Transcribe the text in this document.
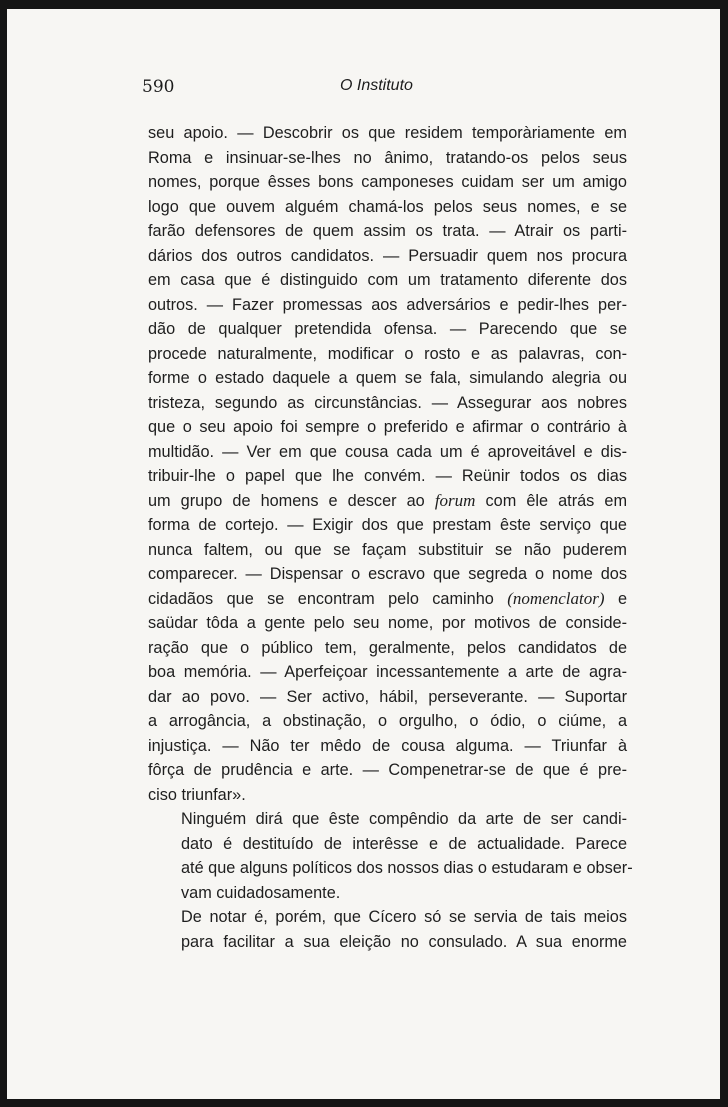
590	O Instituto

seu apoio. — Descobrir os que residem temporàriamente em
Roma e insinuar-se-lhes no ânimo, tratando-os pelos seus
nomes, porque êsses bons camponeses cuidam ser um amigo
logo que ouvem alguém chamá-los pelos seus nomes, e se
farão defensores de quem assim os trata. — Atrair os parti-
dários dos outros candidatos. — Persuadir quem nos procura
em casa que é distinguido com um tratamento diferente dos
outros. — Fazer promessas aos adversários e pedir-lhes per-
dão de qualquer pretendida ofensa. — Parecendo que se
procede naturalmente, modificar o rosto e as palavras, con-
forme o estado daquele a quem se fala, simulando alegria ou
tristeza, segundo as circunstâncias. — Assegurar aos nobres
que o seu apoio foi sempre o preferido e afirmar o contrário à
multidão. — Ver em que cousa cada um é aproveitável e dis-
tribuir-lhe o papel que lhe convém. — Reünir todos os dias
um grupo de homens e descer ao forum com êle atrás em
forma de cortejo. — Exigir dos que prestam êste serviço que
nunca faltem, ou que se façam substituir se não puderem
comparecer. — Dispensar o escravo que segreda o nome dos
cidadãos que se encontram pelo caminho (nomenclator) e
saüdar tôda a gente pelo seu nome, por motivos de conside-
ração que o público tem, geralmente, pelos candidatos de
boa memória. — Aperfeiçoar incessantemente a arte de agra-
dar ao povo. — Ser activo, hábil, perseverante. — Suportar
a arrogância, a obstinação, o orgulho, o ódio, o ciúme, a
injustiça. — Não ter mêdo de cousa alguma. — Triunfar à
fôrça de prudência e arte. — Compenetrar-se de que é pre-
ciso triunfar».

Ninguém dirá que êste compêndio da arte de ser candi-
dato é destituído de interêsse e de actualidade. Parece
até que alguns políticos dos nossos dias o estudaram e obser-
vam cuidadosamente.

De notar é, porém, que Cícero só se servia de tais meios
para facilitar a sua eleição no consulado. A sua enorme
